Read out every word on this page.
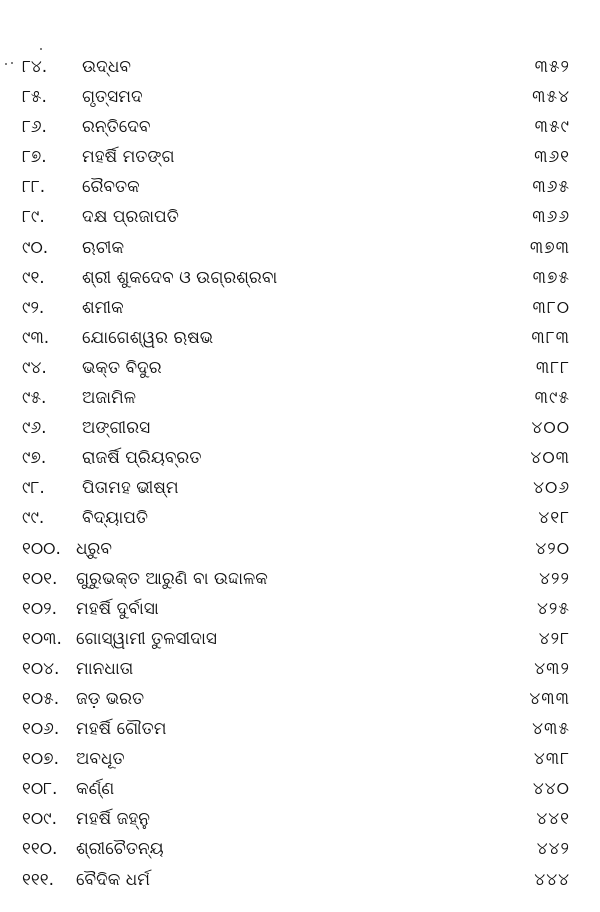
୮୪. ଉଦ୍ଧବ	୩୫୨
୮୫. ଗୃତ୍ସମଦ	୩୫୪
୮୬. ରନ୍ତିଦେବ	୩୫୯
୮୭. ମହର୍ଷି ମତଙ୍ଗ	୩୬୧
୮୮. ରୈବତକ	୩୬୫
୮୯. ଦକ୍ଷ ପ୍ରଜାପତି	୩୬୬
୯୦. ଋଚୀକ	୩୭୩
୯୧. ଶ୍ରୀ ଶୁକଦେବ ଓ ଉଗ୍ରଶ୍ରବା	୩୭୫
୯୨. ଶମୀକ	୩୮୦
୯୩. ଯୋଗେଶ୍ୱର ଋଷଭ	୩୮୩
୯୪. ଭକ୍ତ ବିଦୁର	୩୮୮
୯୫. ଅଜାମିଳ	୩୯୫
୯୬. ଅଙ୍ଗୀରସ	୪୦୦
୯୭. ରାଜର୍ଷି ପ୍ରିୟବ୍ରତ	୪୦୩
୯୮. ପିତାମହ ଭୀଷ୍ମ	୪୦୬
୯୯. ବିଦ୍ୟାପତି	୪୧୮
୧୦୦. ଧ୍ରୁବ	୪୨୦
୧୦୧. ଗୁରୁଭକ୍ତ ଆରୁଣି ବା ଉଦ୍ଦାଳକ	୪୨୨
୧୦୨. ମହର୍ଷି ଦୁର୍ବାସା	୪୨୫
୧୦୩. ଗୋସ୍ୱାମୀ ତୁଳସୀଦାସ	୪୨୮
୧୦୪. ମାନଧାତା	୪୩୨
୧୦୫. ଜଡ଼ ଭରତ	୪୩୩
୧୦୬. ମହର୍ଷି ଗୌତମ	୪୩୫
୧୦୭. ଅବଧୂତ	୪୩୮
୧୦୮. କର୍ଣ୍ଣ	୪୪୦
୧୦୯. ମହର୍ଷି ଜହ୍ନୁ	୪୪୧
୧୧୦. ଶ୍ରୀଚୈତନ୍ୟ	୪୪୨
୧୧୧. ବୈଦିକ ଧର୍ମ	୪୪୪
